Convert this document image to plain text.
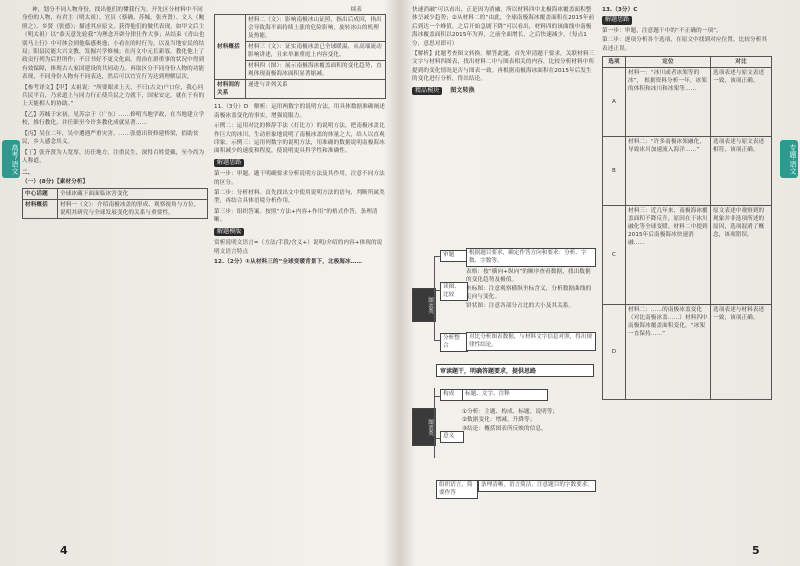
高考·语文

神，划分不同人物身份，找出他们的懂我行为。开先区分材料中不同身份的人物，有君主（明太祖）、官员（蔡确、苏缄、张齐贤）、文人（鲍照之）、乡贤（张德）；描述其应原文，获得他们的做代表现，如甲文后主（明太祖）以“恭天意先轮我”为理念开辟分律仕作大事；从结束《青山也别马上行》中可体会到他临感奥逸；小看在的时行为，以及当地安民的结局；阳县民能大兴文教，发掘兴学修城；在丙文中元长新寡，教化他上了政贡行列为后世所作；不日书好不更文化面，得治在群重事的状况中得到有效保障，体现古人家国建设的共同动力。再取区分不同身份人物的功能表现，不同身份人物有不同表达，然后可以宜宣行为达到理解层次。

【参考译文】【甲】太祖说：“所要眼求上天，不只(古文)户口位，我心问兵民平百，乃求道上与同力行正使兵民之力就下，国家安定，就在于有的上天能相人的协助。”

【乙】苏缄于宋初，见苏宗于（广东）……修明当地学政，在当地建立学校，推行教化，并任职至今许多教化成就显著……

【丙】吴在二年，吴中遭遇严重灾害。……张德出资修建桥梁，捐助贫民，乡人感念其义。

【丁】张齐贤为人宽厚，历任地方，注重民生，深得百姓爱戴，至今尚为人称道。

二、
（一）(8分)【素材分析】
中心话题	全球冰藏下面面临冰害变化
材料概括	材料一（文）：介绍南极冰盖的形成、观察视角与方位，说明其研究与全球发展变化的关系与重要性。
续表
材料概括	材料二（文）：影响南极冰山证照，指出后成因，指出会导致海平面持续上涨的危险影响，旋转冰山的机理及热能。
	材料三（文）：证实南极冰盖已全球暖温，从高端流动影响讲述，且来举兼重庭上内容变化。
	材料四（图）：展示南极海冰覆盖面积的变化趋势，直观体现南极海冰面积显著缩减。
材料间的关系	递进与并列关系

11.（3分）D　解析：运用两数字的说明方法，用具体数据准确阐述南极冰盖变化的事实，增强说服力。

示例二：运用对比的修辞手法（打比方）的说明方法，把南极冰盖比作巨大的冰川，生动形象地说明了南极冰盖的体量之大，给人以直观印象。示例三：运用列数字的说明方法，用准确的数据说明南极海冰面积减少的速度和程度，使说明更具科学性和准确性。

解题思路

第一步：审题。题干明确要求分析说明方法及其作用，注意不同方法的区分。

第二步：分析材料。首先找出文中使用说明方法的语句，判断所属类型，再结合具体语境分析作用。

第三步：组织答案。按照“方法+内容+作用”的格式作答，条理清晰。

解题模版

赏析说明文语言=（方法/手段/含义+）说明/介绍的内容+体现的说明文语言特点

12.（2分）①从材料三的“全球变暖背景下，北极海冰……

4
专题·语文

快速消融”可以看出，正是因为消融，所以材料四中北极海冰覆盖面积整体呈减少趋势；②从材料二的“由此，全球南极海冰覆盖面积在2015年前后到达一个峰值，之后开始急剧下降”可以看出，材料四的该曲线中南极海冰覆盖面积以2015年为界，之前全面增长，之后快速减少。（每点1分，意思对即可）

【解析】此题考查图文转换。解答此题，首先审清题干要求，关联材料三文字与材料四图表，找出材料二中与图表相关的内容，比较分析材料中所提到的变化情况是否与图表一致。再根据南极海冰面积在2015年后发生的变化进行分析，得出结论。

精品模块 图文转换
图表类
审题	根据题目要求，确定作答方向和要求：分析、字数、字数等。
读图、比较
表格：按“横向+纵向”的顺序查看数据，找出数据的变化趋势及极值。
坐标图：注意观察横纵坐标含义，分析数据曲线的走向与变化。
饼状图：注意各部分占比的大小及其关系。
分析整合
对比分析图表数据，与材料文字信息对照，得出规律性结论。
审读题干，明确答题要求，提供思路
图表类
构成	标题、文字、注释
意义
①分析：主题、构成、标题、说明等；
②数据变化：增减、升降等；
③结论：概括图表所反映的信息。
组织语言，简要作答
条理清晰，语言简洁，注意题目的字数要求。
13.（3分）C
解题思路

第一步：审题，注意题干中的“不正确的一项”。

第二步：逐项分析各个选项，在原文中找到对应位置，比较分析其表述正误。

选项	定位	对比
A	材料一：“冰川或者冰架等的冰”， 根据资料分析一年，冰架的体积和冰川和冰架等……	选项表述与原文表述一致，该项正确。
B	材料二：“许多南极冰架融化，导致冰川加速流入海洋……”	选项表述与原文表述相符，该项正确。
C	材料三：近几年来，南极海冰覆盖面积不降反升，原因在于冰川融化等全球变暖。材料二中提到2015年后南极海冰快速消融……	原文表述中观察到的现象并非选项所述的原因，选项混淆了概念，该项错误。
D	材料二：……的南极冰盖变化（对比南极冰盖……）材料四中南极海冰覆盖面积变化，“冰架一直保持……”	选项表述与材料表述一致，该项正确。
5
